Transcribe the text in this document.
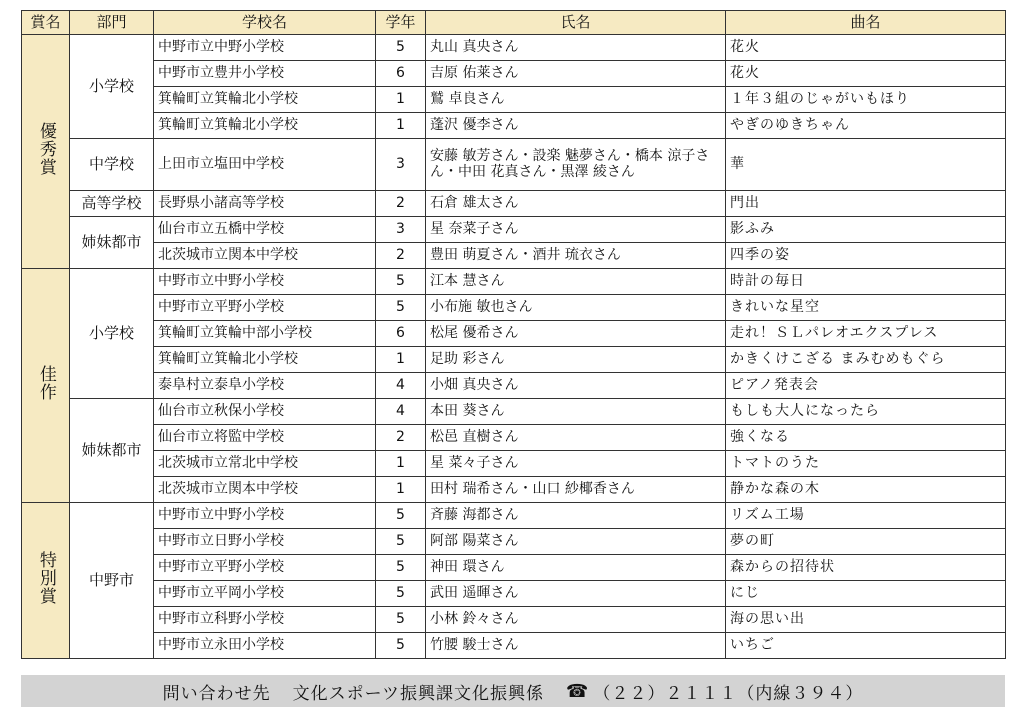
賞名	部門	学校名	学年	氏名	曲名
優秀賞	小学校	中野市立中野小学校	5	丸山 真央さん	花火
		中野市立豊井小学校	6	吉原 佑莱さん	花火
		箕輪町立箕輪北小学校	1	鷲 卓良さん	１年３組のじゃがいもほり
		箕輪町立箕輪北小学校	1	蓬沢 優李さん	やぎのゆきちゃん
	中学校	上田市立塩田中学校	3	安藤 敏芳さん・設楽 魅夢さん・橋本 涼子さん・中田 花真さん・黒澤 綾さん	華
	高等学校	長野県小諸高等学校	2	石倉 雄太さん	門出
	姉妹都市	仙台市立五橋中学校	3	星 奈菜子さん	影ふみ
		北茨城市立関本中学校	2	豊田 萌夏さん・酒井 琉衣さん	四季の姿
佳作	小学校	中野市立中野小学校	5	江本 慧さん	時計の毎日
		中野市立平野小学校	5	小布施 敏也さん	きれいな星空
		箕輪町立箕輪中部小学校	6	松尾 優希さん	走れ！ＳＬパレオエクスプレス
		箕輪町立箕輪北小学校	1	足助 彩さん	かきくけこざる まみむめもぐら
		泰阜村立泰阜小学校	4	小畑 真央さん	ピアノ発表会
	姉妹都市	仙台市立秋保小学校	4	本田 葵さん	もしも大人になったら
		仙台市立将監中学校	2	松邑 直樹さん	強くなる
		北茨城市立常北中学校	1	星 菜々子さん	トマトのうた
		北茨城市立関本中学校	1	田村 瑞希さん・山口 紗椰香さん	静かな森の木
特別賞	中野市	中野市立中野小学校	5	斉藤 海都さん	リズム工場
		中野市立日野小学校	5	阿部 陽菜さん	夢の町
		中野市立平野小学校	5	神田 環さん	森からの招待状
		中野市立平岡小学校	5	武田 遥暉さん	にじ
		中野市立科野小学校	5	小林 鈴々さん	海の思い出
		中野市立永田小学校	5	竹腰 駿士さん	いちご
問い合わせ先 文化スポーツ振興課文化振興係 ☎ （２２）２１１１（内線３９４）
